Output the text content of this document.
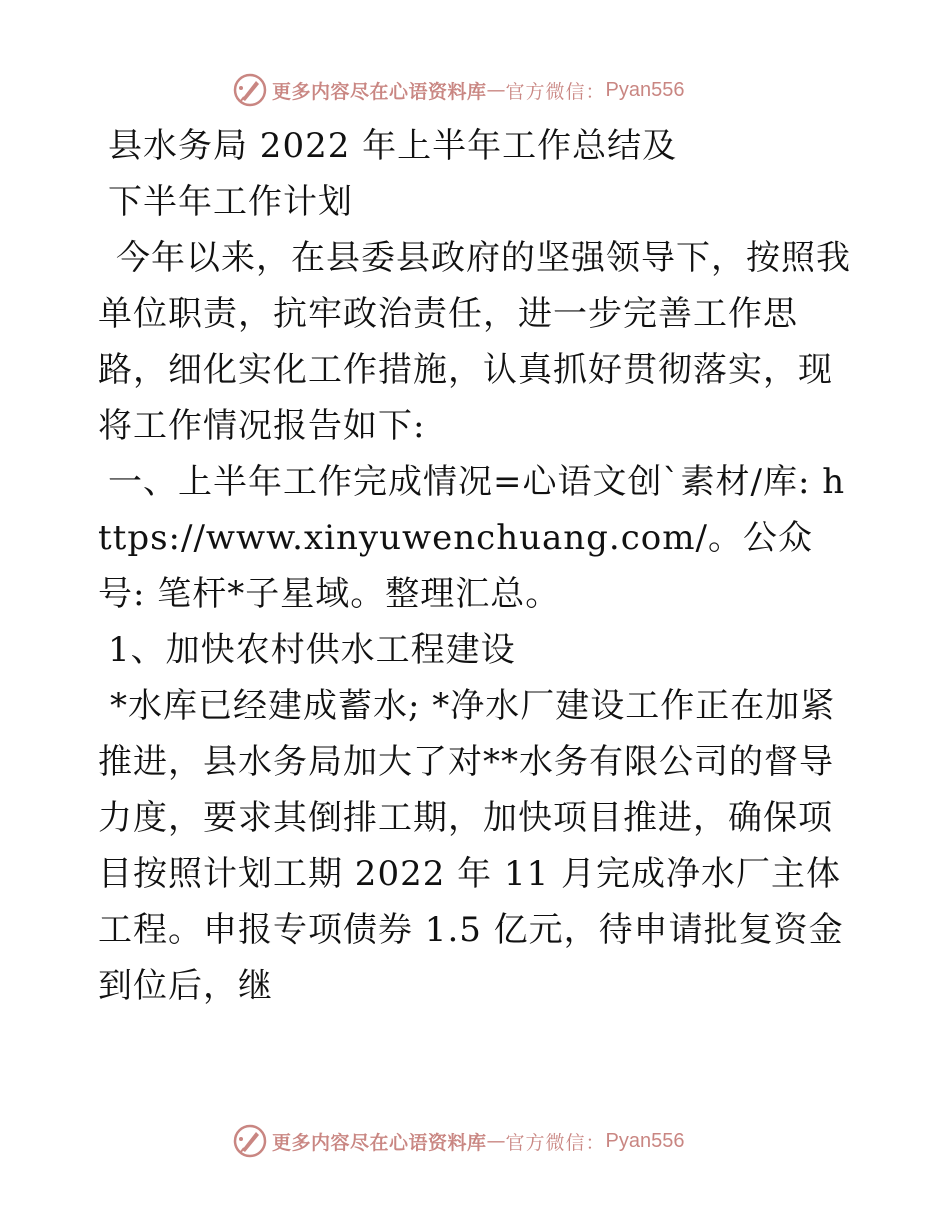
更多内容尽在心语资料库 — 官方微信： Pyan556

县水务局 2022 年上半年工作总结及

下半年工作计划

今年以来，在县委县政府的坚强领导下，按照我单位职责，抗牢政治责任，进一步完善工作思路，细化实化工作措施，认真抓好贯彻落实，现将工作情况报告如下:

一、上半年工作完成情况=心语文创`素材/库: https://www.xinyuwenchuang.com/。公众号: 笔杆*子星域。整理汇总。

1、加快农村供水工程建设

*水库已经建成蓄水; *净水厂建设工作正在加紧推进，县水务局加大了对**水务有限公司的督导力度，要求其倒排工期，加快项目推进，确保项目按照计划工期 2022 年 11 月完成净水厂主体工程。申报专项债券 1.5 亿元，待申请批复资金到位后，继

更多内容尽在心语资料库 — 官方微信： Pyan556
